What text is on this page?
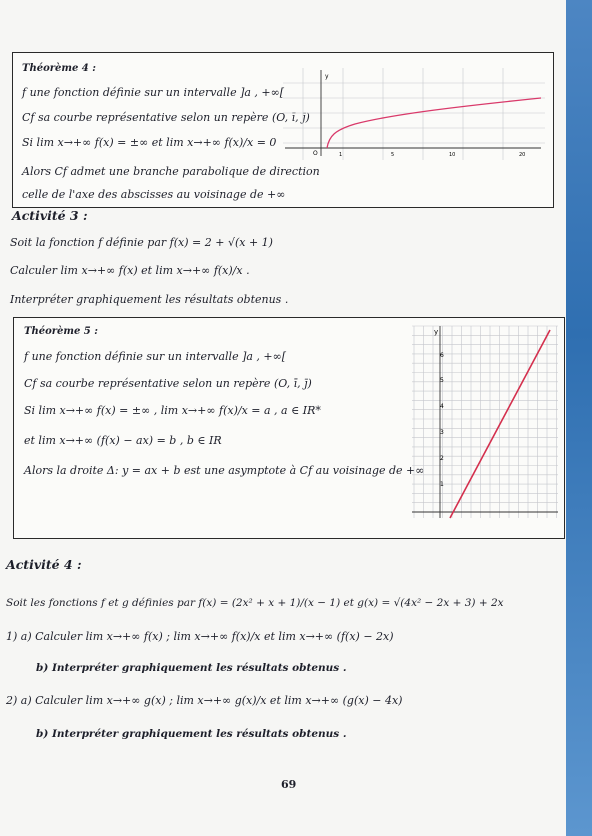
Théorème 4 :
f une fonction définie sur un intervalle ]a , +∞[
Cf sa courbe représentative selon un repère (O, ī, j̄)
Si lim x→+∞ f(x) = ±∞ et lim x→+∞ f(x)/x = 0
Alors Cf admet une branche parabolique de direction
celle de l'axe des abscisses au voisinage de +∞
y
O	1	5	10	20
Activité 3 :
Soit la fonction f définie par f(x) = 2 + √(x + 1)
Calculer lim x→+∞ f(x) et lim x→+∞ f(x)/x .
Interpréter graphiquement les résultats obtenus .
Théorème 5 :
f une fonction définie sur un intervalle ]a , +∞[
Cf sa courbe représentative selon un repère (O, ī, j̄)
Si lim x→+∞ f(x) = ±∞ , lim x→+∞ f(x)/x = a , a ∈ IR*
et lim x→+∞ (f(x) − ax) = b , b ∈ IR
Alors la droite Δ: y = ax + b est une asymptote à Cf au voisinage de +∞
y
6
5
4
3
2
1
Activité 4 :
Soit les fonctions f et g définies par f(x) = (2x² + x + 1)/(x − 1) et g(x) = √(4x² − 2x + 3) + 2x
1) a) Calculer lim x→+∞ f(x) ; lim x→+∞ f(x)/x et lim x→+∞ (f(x) − 2x)
b) Interpréter graphiquement les résultats obtenus .
2) a) Calculer lim x→+∞ g(x) ; lim x→+∞ g(x)/x et lim x→+∞ (g(x) − 4x)
b) Interpréter graphiquement les résultats obtenus .
69
